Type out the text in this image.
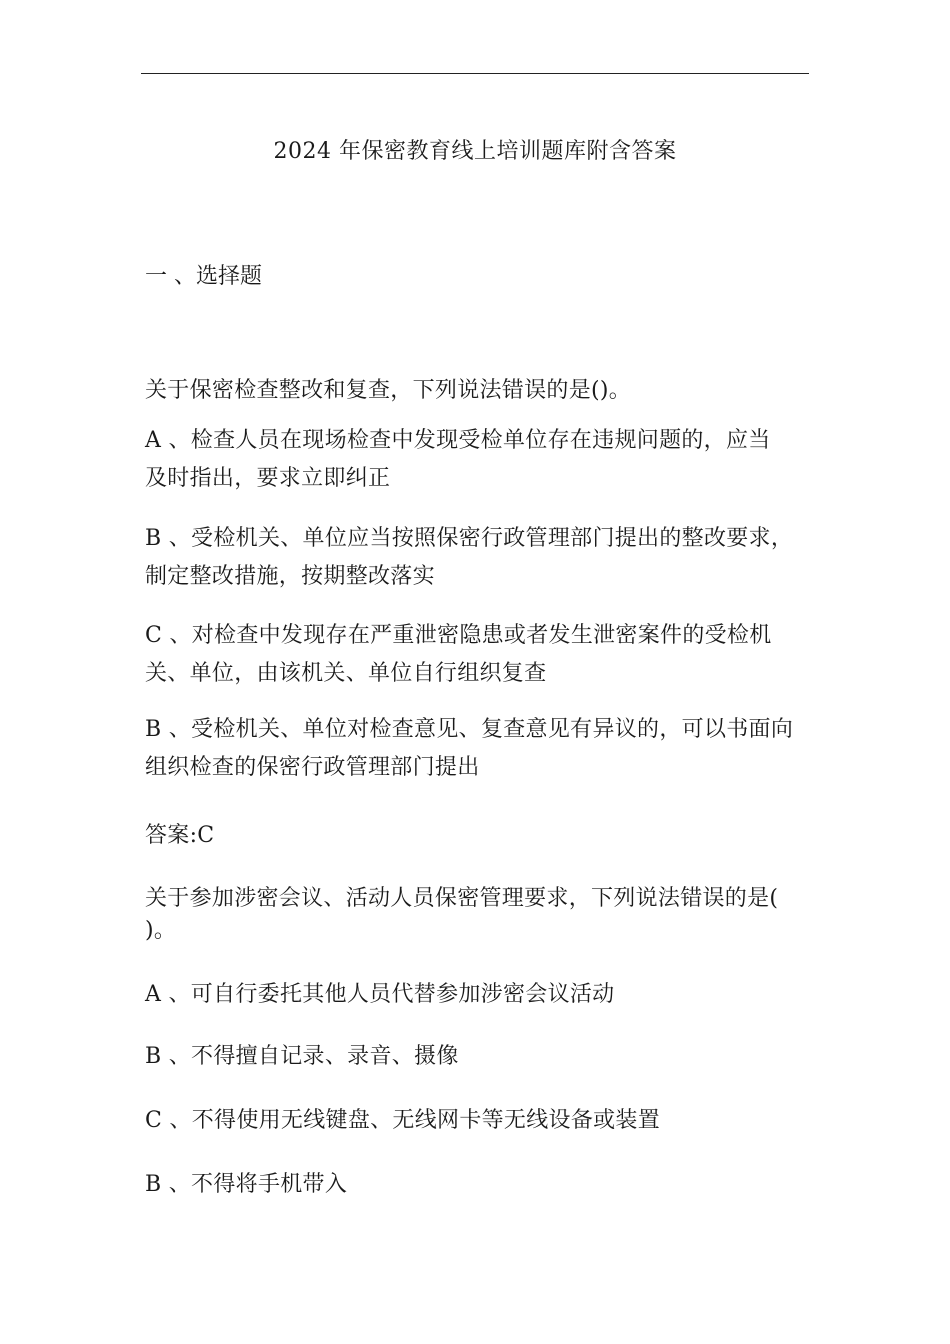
2024 年保密教育线上培训题库附含答案
一 、选择题
关于保密检查整改和复查，下列说法错误的是()。
A 、检查人员在现场检查中发现受检单位存在违规问题的，应当
及时指出，要求立即纠正
B 、受检机关、单位应当按照保密行政管理部门提出的整改要求，
制定整改措施，按期整改落实
C 、对检查中发现存在严重泄密隐患或者发生泄密案件的受检机
关、单位，由该机关、单位自行组织复查
B 、受检机关、单位对检查意见、复查意见有异议的，可以书面向
组织检查的保密行政管理部门提出
答案:C
关于参加涉密会议、活动人员保密管理要求，下列说法错误的是(
)。
A 、可自行委托其他人员代替参加涉密会议活动
B 、不得擅自记录、录音、摄像
C 、不得使用无线键盘、无线网卡等无线设备或装置
B 、不得将手机带入
